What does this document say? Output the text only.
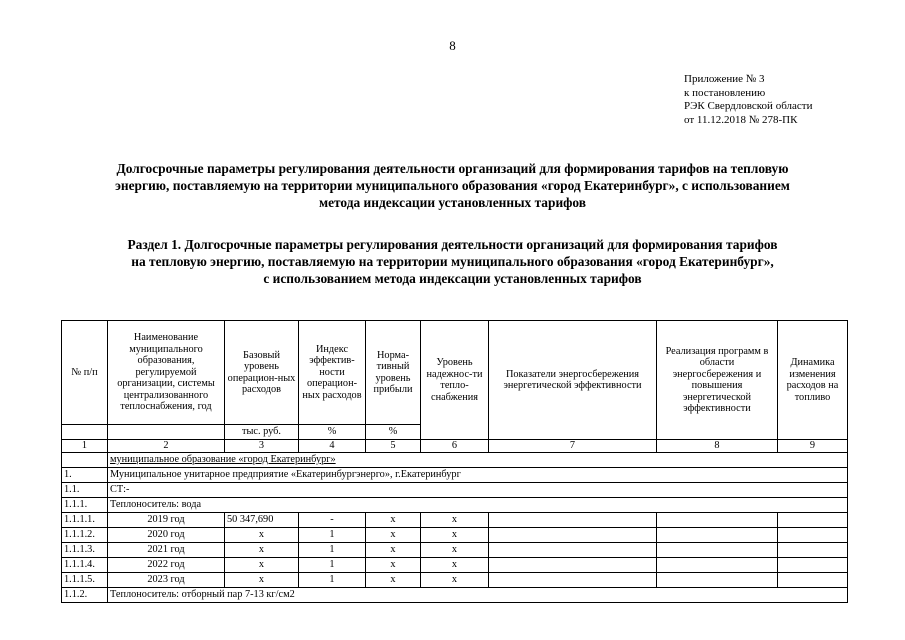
8
Приложение № 3
к постановлению
РЭК Свердловской области
от 11.12.2018 № 278-ПК
Долгосрочные параметры регулирования деятельности организаций для формирования тарифов на тепловую
энергию, поставляемую на территории муниципального образования «город Екатеринбург», с использованием
метода индексации установленных тарифов
Раздел 1. Долгосрочные параметры регулирования деятельности организаций для формирования тарифов
на тепловую энергию, поставляемую на территории муниципального образования «город Екатеринбург»,
с использованием метода индексации установленных тарифов
№ п/п	Наименование муниципального образования, регулируемой организации, системы централизованного теплоснабжения, год	Базовый уровень операцион-ных расходов	Индекс эффектив-ности операцион-ных расходов	Норма-тивный уровень прибыли	Уровень надежнос-ти тепло-снабжения	Показатели энергосбережения энергетической эффективности	Реализация программ в области энергосбережения и повышения энергетической эффективности	Динамика изменения расходов на топливо
		тыс. руб.	%	%				
1	2	3	4	5	6	7	8	9
	муниципальное образование «город Екатеринбург»							
1.	Муниципальное унитарное предприятие «Екатеринбургэнерго», г.Екатеринбург							
1.1.	СТ:-							
1.1.1.	Теплоноситель: вода							
1.1.1.1.	2019 год	50 347,690	-	x	x			
1.1.1.2.	2020 год	x	1	x	x			
1.1.1.3.	2021 год	x	1	x	x			
1.1.1.4.	2022 год	x	1	x	x			
1.1.1.5.	2023 год	x	1	x	x			
1.1.2.	Теплоноситель: отборный пар 7-13 кг/см2							
